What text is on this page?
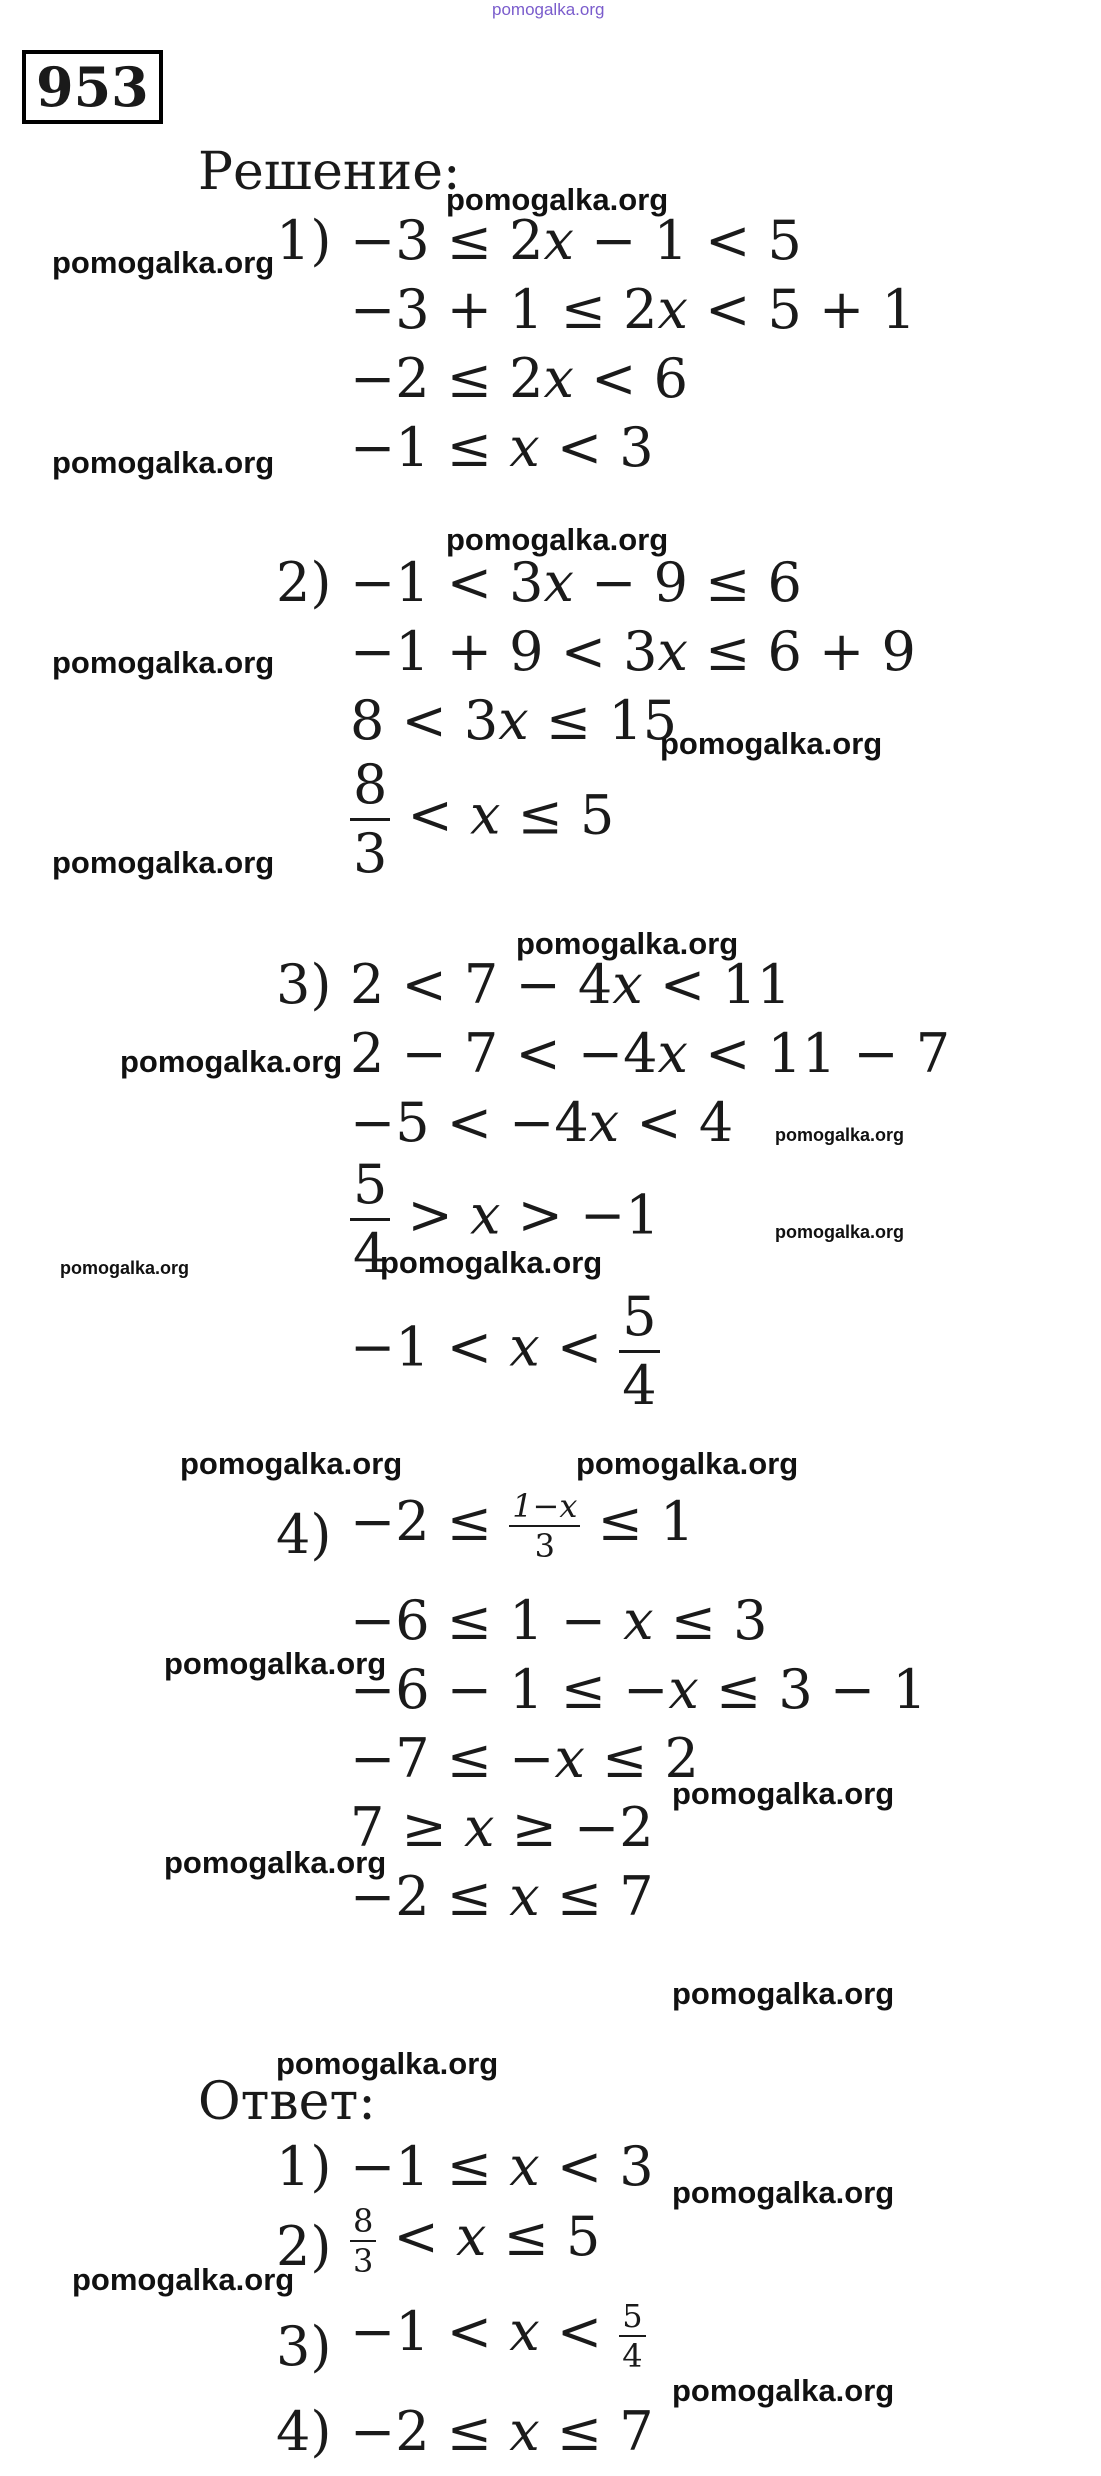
pomogalka.org
953
Решение:
1) −3 ≤ 2x − 1 < 5
−3 + 1 ≤ 2x < 5 + 1
−2 ≤ 2x < 6
−1 ≤ x < 3
2) −1 < 3x − 9 ≤ 6
−1 + 9 < 3x ≤ 6 + 9
8 < 3x ≤ 15
$\frac{8}{3} < x \le 5$
3) 2 < 7 − 4x < 11
2 − 7 < −4x < 11 − 7
−5 < −4x < 4
$\frac{5}{4} > x > -1$
$-1 < x < \frac{5}{4}$
$4) -2 \le \frac{1-x}{3} \le 1$
−6 ≤ 1 − x ≤ 3
−6 − 1 ≤ −x ≤ 3 − 1
−7 ≤ −x ≤ 2
7 ≥ x ≥ −2
−2 ≤ x ≤ 7
Ответ:
1) −1 ≤ x < 3
$2) \frac{8}{3} < x \le 5$
$3) -1 < x < \frac{5}{4}$
4) −2 ≤ x ≤ 7
pomogalka.org
pomogalka.org
pomogalka.org
pomogalka.org
pomogalka.org
pomogalka.org
pomogalka.org
pomogalka.org
pomogalka.org
pomogalka.org
pomogalka.org
pomogalka.org
pomogalka.org
pomogalka.org	pomogalka.org
pomogalka.org
pomogalka.org
pomogalka.org
pomogalka.org
pomogalka.org
pomogalka.org
pomogalka.org
pomogalka.org
